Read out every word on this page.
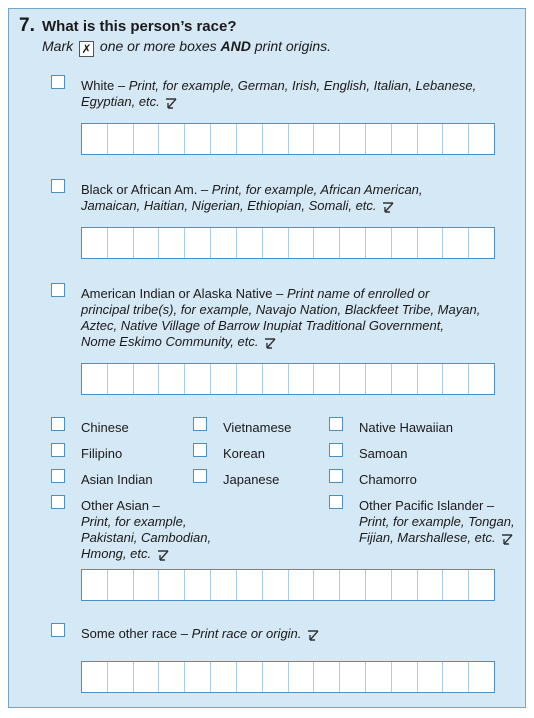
7. What is this person’s race?
Mark ✗ one or more boxes AND print origins.
White – Print, for example, German, Irish, English, Italian, Lebanese, Egyptian, etc.
Black or African Am. – Print, for example, African American, Jamaican, Haitian, Nigerian, Ethiopian, Somali, etc.
American Indian or Alaska Native – Print name of enrolled or principal tribe(s), for example, Navajo Nation, Blackfeet Tribe, Mayan, Aztec, Native Village of Barrow Inupiat Traditional Government, Nome Eskimo Community, etc.
Chinese	Vietnamese	Native Hawaiian
Filipino	Korean	Samoan
Asian Indian	Japanese	Chamorro
Other Asian –
Print, for example, Pakistani, Cambodian, Hmong, etc.
Other Pacific Islander –
Print, for example, Tongan, Fijian, Marshallese, etc.
Some other race – Print race or origin.
